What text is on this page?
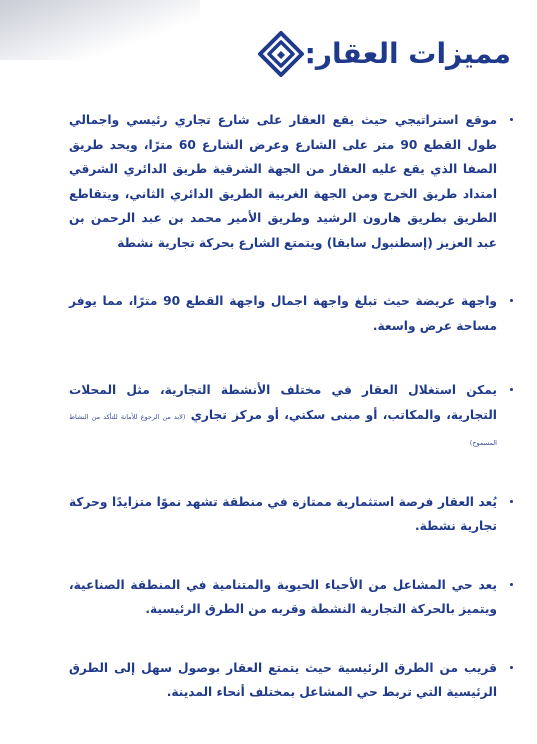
مميزات العقار:
موقع استراتيجي حيث يقع العقار على شارع تجاري رئيسي واجمالي طول القطع 90 متر على الشارع وعرض الشارع 60 مترًا، ويحد طريق الصفا الذي يقع عليه العقار من الجهة الشرقية طريق الدائري الشرقي امتداد طريق الخرج ومن الجهة الغربية الطريق الدائري الثاني، ويتقاطع الطريق بطريق هارون الرشيد وطريق الأمير محمد بن عبد الرحمن بن عبد العزيز (إسطنبول سابقا) ويتمتع الشارع بحركة تجارية نشطة
واجهة عريضة حيث تبلغ واجهة اجمال واجهة القطع 90 مترًا، مما يوفر مساحة عرض واسعة.
يمكن استغلال العقار في مختلف الأنشطة التجارية، مثل المحلات التجارية، والمكاتب، أو مبنى سكني، أو مركز تجاري (لابد من الرجوع للأمانة للتأكد من النشاط المسموح)
يُعد العقار فرصة استثمارية ممتازة في منطقة تشهد نموًا متزايدًا وحركة تجارية نشطة.
يعد حي المشاعل من الأحياء الحيوية والمتنامية في المنطقة الصناعية، ويتميز بالحركة التجارية النشطة وقربه من الطرق الرئيسية.
قريب من الطرق الرئيسية حيث يتمتع العقار بوصول سهل إلى الطرق الرئيسية التي تربط حي المشاعل بمختلف أنحاء المدينة.
